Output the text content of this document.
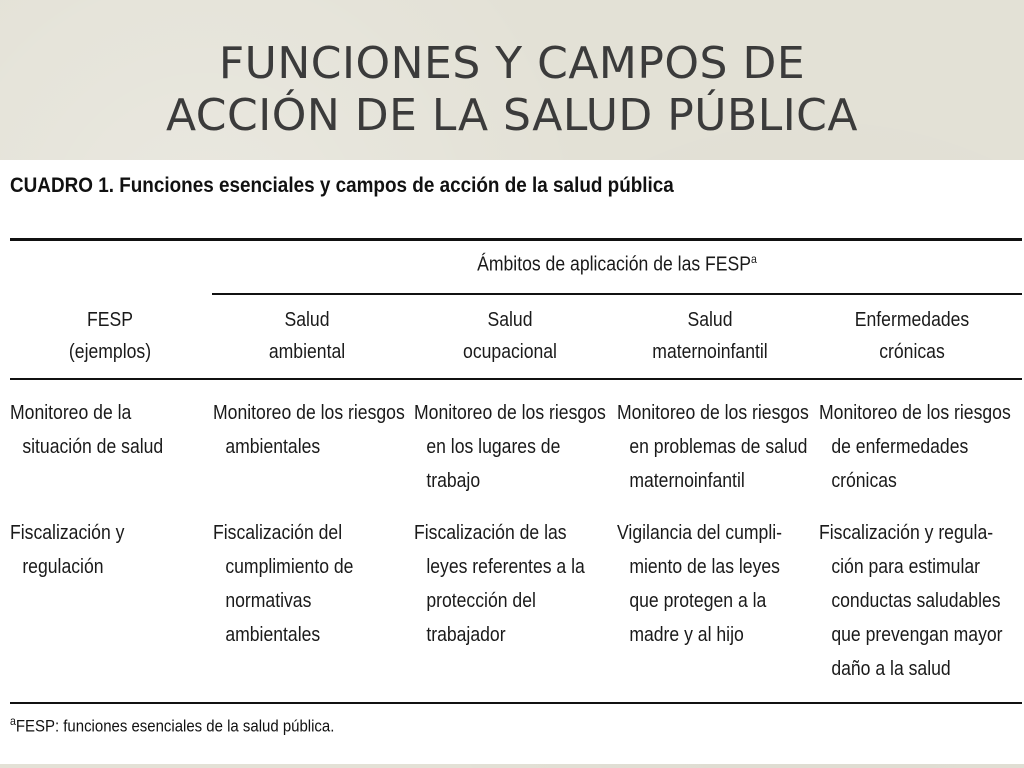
FUNCIONES Y CAMPOS DE
ACCIÓN DE LA SALUD PÚBLICA
CUADRO 1. Funciones esenciales y campos de acción de la salud pública
Ámbitos de aplicación de las FESP$^a$
FESP
(ejemplos)
Salud
ambiental
Salud
ocupacional
Salud
maternoinfantil
Enfermedades
crónicas
Monitoreo de la
situación de salud
Monitoreo de los riesgos
ambientales
Monitoreo de los riesgos
en los lugares de
trabajo
Monitoreo de los riesgos
en problemas de salud
maternoinfantil
Monitoreo de los riesgos
de enfermedades
crónicas
Fiscalización y
regulación
Fiscalización del
cumplimiento de
normativas
ambientales
Fiscalización de las
leyes referentes a la
protección del
trabajador
Vigilancia del cumpli-
miento de las leyes
que protegen a la
madre y al hijo
Fiscalización y regula-
ción para estimular
conductas saludables
que prevengan mayor
daño a la salud
$^a$FESP: funciones esenciales de la salud pública.
